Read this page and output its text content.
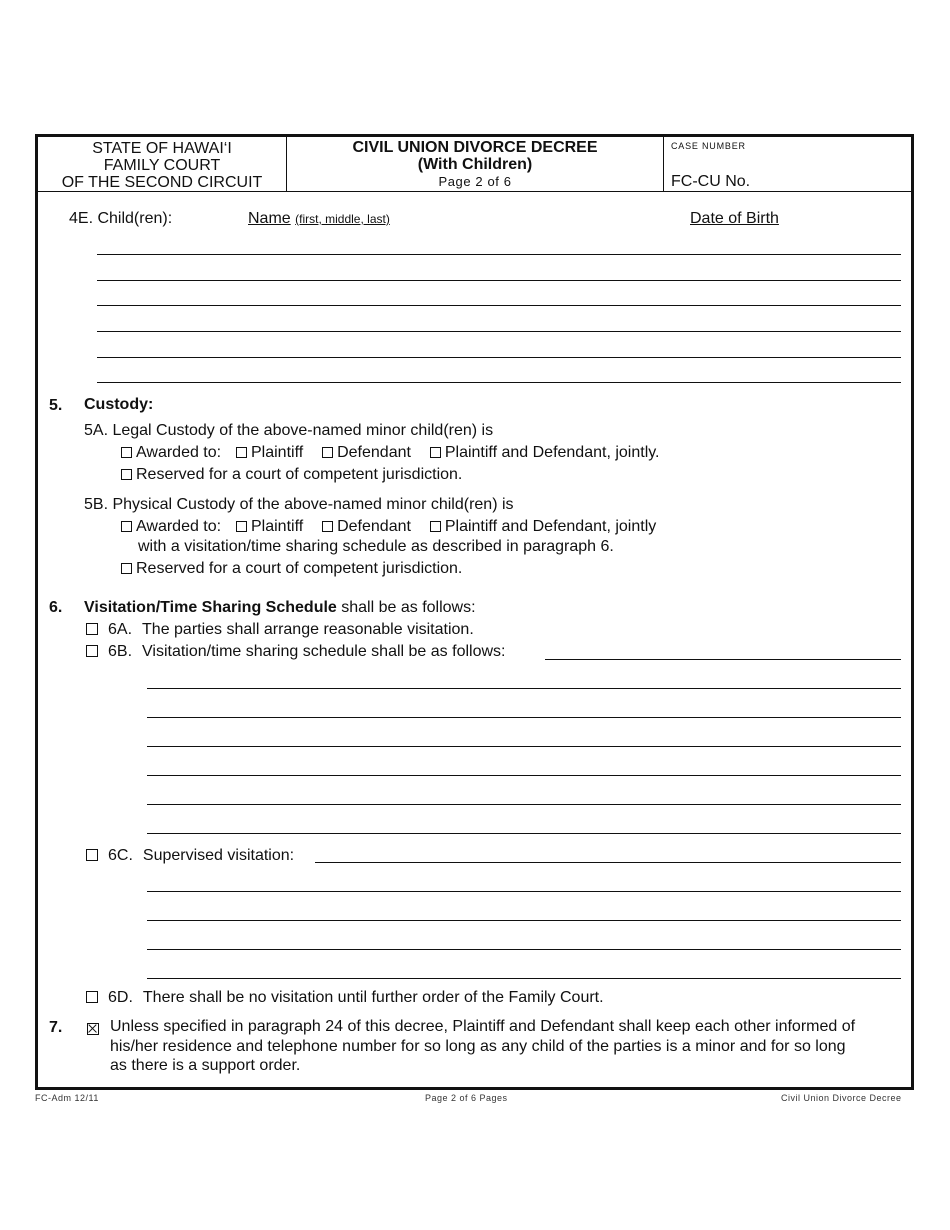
STATE OF HAWAI‘I
FAMILY COURT
OF THE SECOND CIRCUIT
CIVIL UNION DIVORCE DECREE
(With Children)
Page 2 of 6
CASE NUMBER
FC-CU No.
4E. Child(ren):	Name (first, middle, last)	Date of Birth
5. Custody:
5A. Legal Custody of the above-named minor child(ren) is
Awarded to: Plaintiff Defendant Plaintiff and Defendant, jointly.
Reserved for a court of competent jurisdiction.
5B. Physical Custody of the above-named minor child(ren) is
Awarded to: Plaintiff Defendant Plaintiff and Defendant, jointly
with a visitation/time sharing schedule as described in paragraph 6.
Reserved for a court of competent jurisdiction.
6. Visitation/Time Sharing Schedule shall be as follows:
6A. The parties shall arrange reasonable visitation.
6B. Visitation/time sharing schedule shall be as follows:
6C. Supervised visitation:
6D. There shall be no visitation until further order of the Family Court.
7.	Unless specified in paragraph 24 of this decree, Plaintiff and Defendant shall keep each other informed of
his/her residence and telephone number for so long as any child of the parties is a minor and for so long
as there is a support order.
FC-Adm 12/11	Page 2 of 6 Pages	Civil Union Divorce Decree
